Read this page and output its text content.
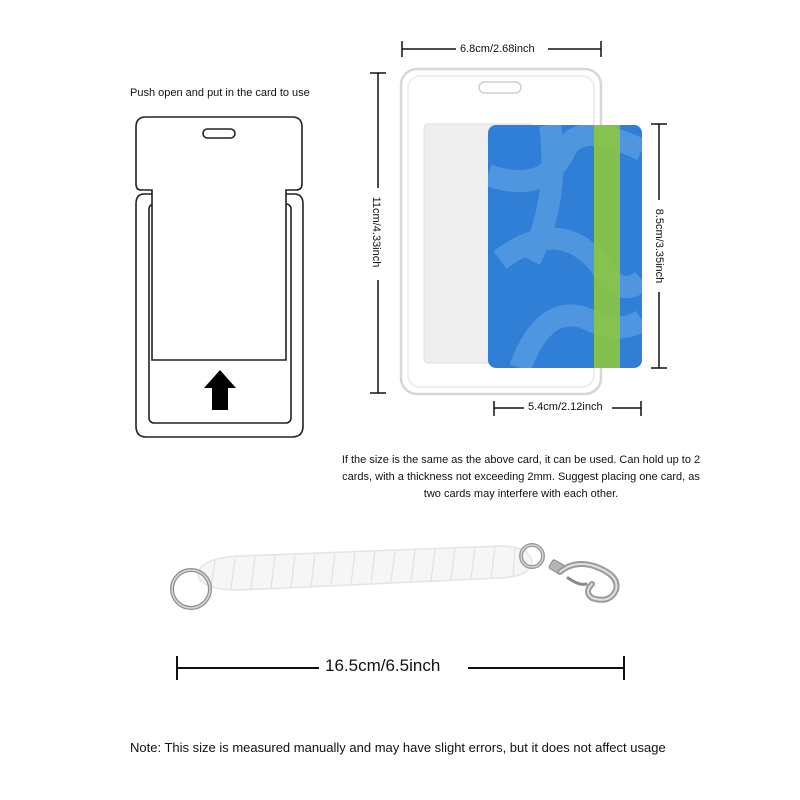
Push open and put in the card to use
6.8cm/2.68inch
11cm/4.33inch	8.5cm/3.35inch
5.4cm/2.12inch
If the size is the same as the above card, it can be used. Can hold up to 2 cards, with a thickness not exceeding 2mm. Suggest placing one card, as two cards may interfere with each other.
16.5cm/6.5inch
Note: This size is measured manually and may have slight errors, but it does not affect usage
